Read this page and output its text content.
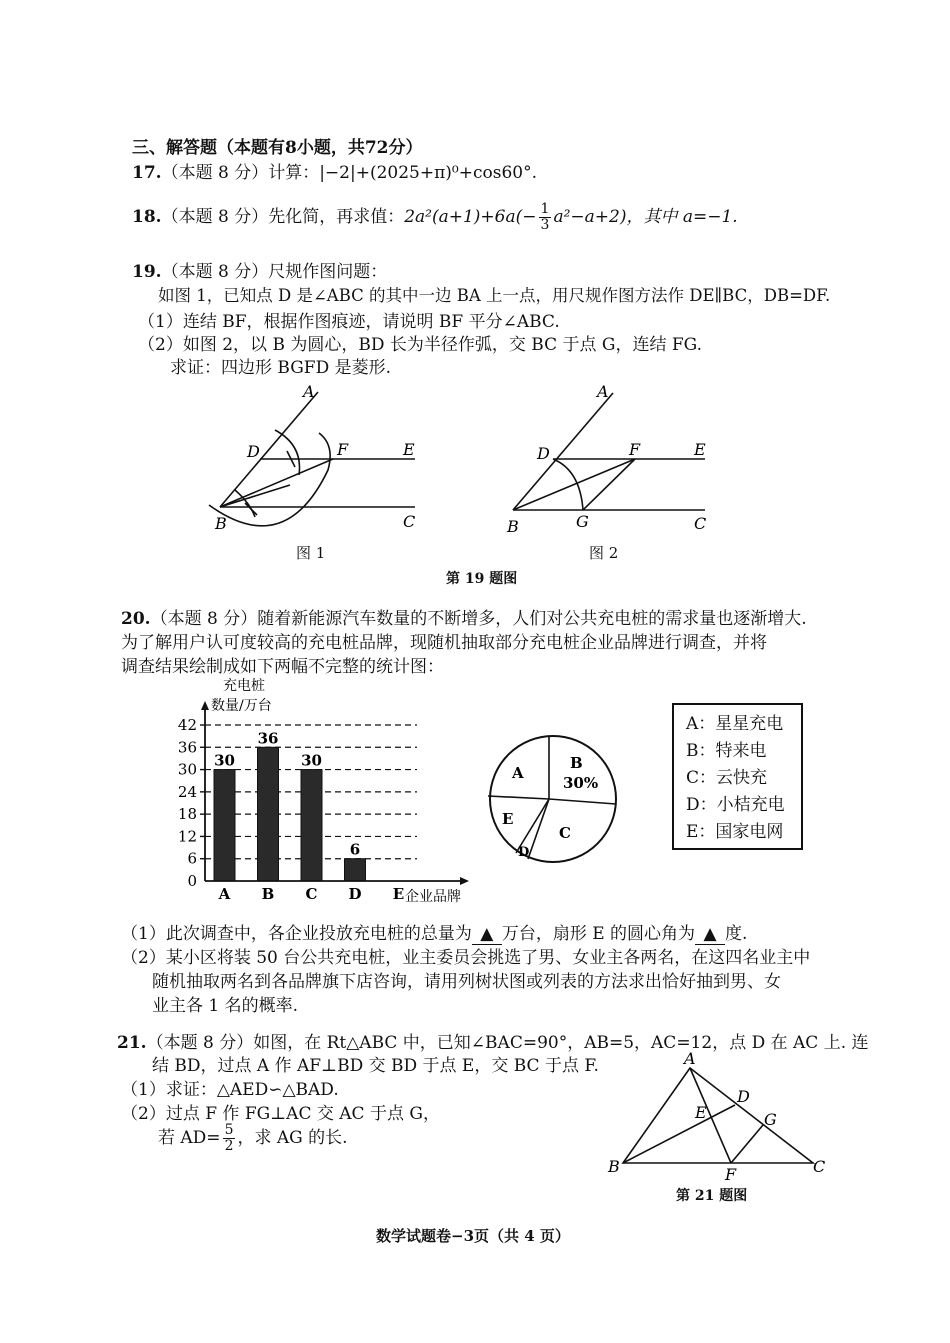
三、解答题（本题有8小题，共72分）
17.（本题 8 分）计算：|−2|+(2025+π)⁰+cos60°.
18.（本题 8 分）先化简，再求值：$2a^2(a+1)+6a(- \frac{1}{3} a^2-a+2)$，其中 a=−1.
19.（本题 8 分）尺规作图问题：
如图 1，已知点 D 是∠ABC 的其中一边 BA 上一点，用尺规作图方法作 DE∥BC，DB=DF.
（1）连结 BF，根据作图痕迹，请说明 BF 平分∠ABC.
（2）如图 2，以 B 为圆心，BD 长为半径作弧，交 BC 于点 G，连结 FG.
求证：四边形 BGFD 是菱形.
A
D	F	E
B	C
图 1
A
D	F	E
B	G	C
图 2
第 19 题图
20.（本题 8 分）随着新能源汽车数量的不断增多，人们对公共充电桩的需求量也逐渐增大.
为了解用户认可度较高的充电桩品牌，现随机抽取部分充电桩企业品牌进行调查，并将
调查结果绘制成如下两幅不完整的统计图：
充电桩
数量/万台
0
6
12
18
24
30
36
42
30
36
30
6
A B C D E 企业品牌
A
B
30%
C
D
E
A：星星充电
B：特来电
C：云快充
D：小桔充电
E：国家电网
（1）此次调查中，各企业投放充电桩的总量为 ▲ 万台，扇形 E 的圆心角为 ▲ 度.
（2）某小区将装 50 台公共充电桩，业主委员会挑选了男、女业主各两名，在这四名业主中
随机抽取两名到各品牌旗下店咨询，请用列树状图或列表的方法求出恰好抽到男、女
业主各 1 名的概率.
21.（本题 8 分）如图，在 Rt△ABC 中，已知∠BAC=90°，AB=5，AC=12，点 D 在 AC 上. 连
结 BD，过点 A 作 AF⊥BD 交 BD 于点 E，交 BC 于点 F.
（1）求证：△AED∽△BAD.
（2）过点 F 作 FG⊥AC 交 AC 于点 G，
若 $AD= \frac{5}{2}$ ，求 AG 的长.
A
D
E	G
B	F	C
第 21 题图
数学试题卷−3页（共 4 页）
